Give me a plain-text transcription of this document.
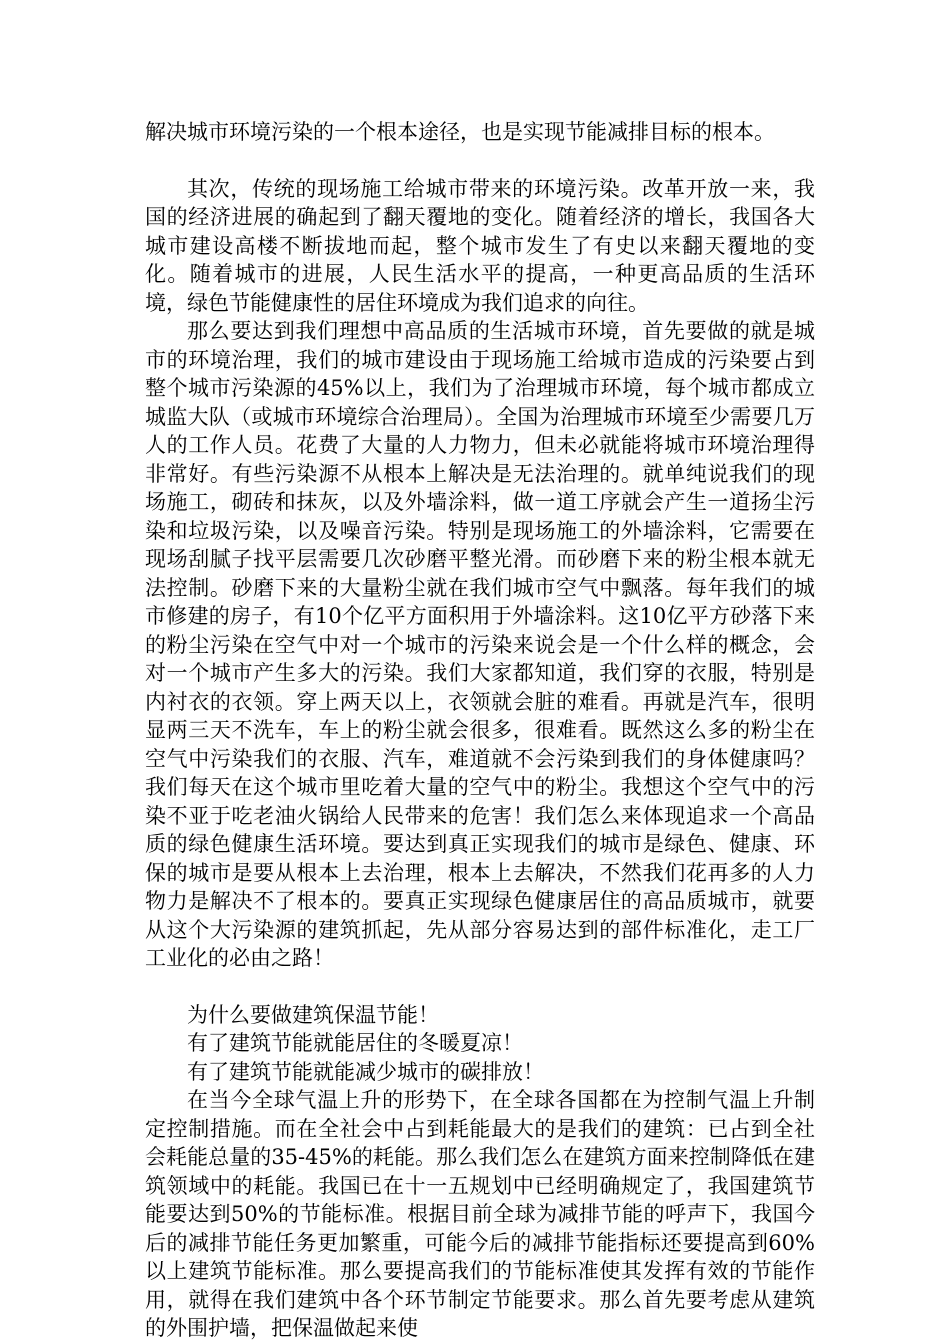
解决城市环境污染的一个根本途径，也是实现节能减排目标的根本。

其次，传统的现场施工给城市带来的环境污染。改革开放一来，我国的经济进展的确起到了翻天覆地的变化。随着经济的增长，我国各大城市建设高楼不断拔地而起，整个城市发生了有史以来翻天覆地的变化。随着城市的进展，人民生活水平的提高，一种更高品质的生活环境，绿色节能健康性的居住环境成为我们追求的向往。

那么要达到我们理想中高品质的生活城市环境，首先要做的就是城市的环境治理，我们的城市建设由于现场施工给城市造成的污染要占到整个城市污染源的45%以上，我们为了治理城市环境，每个城市都成立城监大队（或城市环境综合治理局）。全国为治理城市环境至少需要几万人的工作人员。花费了大量的人力物力，但未必就能将城市环境治理得非常好。有些污染源不从根本上解决是无法治理的。就单纯说我们的现场施工，砌砖和抹灰，以及外墙涂料，做一道工序就会产生一道扬尘污染和垃圾污染，以及噪音污染。特别是现场施工的外墙涂料，它需要在现场刮腻子找平层需要几次砂磨平整光滑。而砂磨下来的粉尘根本就无法控制。砂磨下来的大量粉尘就在我们城市空气中飘落。每年我们的城市修建的房子，有10个亿平方面积用于外墙涂料。这10亿平方砂落下来的粉尘污染在空气中对一个城市的污染来说会是一个什么样的概念，会对一个城市产生多大的污染。我们大家都知道，我们穿的衣服，特别是内衬衣的衣领。穿上两天以上，衣领就会脏的难看。再就是汽车，很明显两三天不洗车，车上的粉尘就会很多，很难看。既然这么多的粉尘在空气中污染我们的衣服、汽车，难道就不会污染到我们的身体健康吗？我们每天在这个城市里吃着大量的空气中的粉尘。我想这个空气中的污染不亚于吃老油火锅给人民带来的危害！我们怎么来体现追求一个高品质的绿色健康生活环境。要达到真正实现我们的城市是绿色、健康、环保的城市是要从根本上去治理，根本上去解决，不然我们花再多的人力物力是解决不了根本的。要真正实现绿色健康居住的高品质城市，就要从这个大污染源的建筑抓起，先从部分容易达到的部件标准化，走工厂工业化的必由之路！

为什么要做建筑保温节能！

有了建筑节能就能居住的冬暖夏凉！

有了建筑节能就能减少城市的碳排放！

在当今全球气温上升的形势下，在全球各国都在为控制气温上升制定控制措施。而在全社会中占到耗能最大的是我们的建筑：已占到全社会耗能总量的35-45%的耗能。那么我们怎么在建筑方面来控制降低在建筑领域中的耗能。我国已在十一五规划中已经明确规定了，我国建筑节能要达到50%的节能标准。根据目前全球为减排节能的呼声下，我国今后的减排节能任务更加繁重，可能今后的减排节能指标还要提高到60%以上建筑节能标准。那么要提高我们的节能标准使其发挥有效的节能作用，就得在我们建筑中各个环节制定节能要求。那么首先要考虑从建筑的外围护墙，把保温做起来使
